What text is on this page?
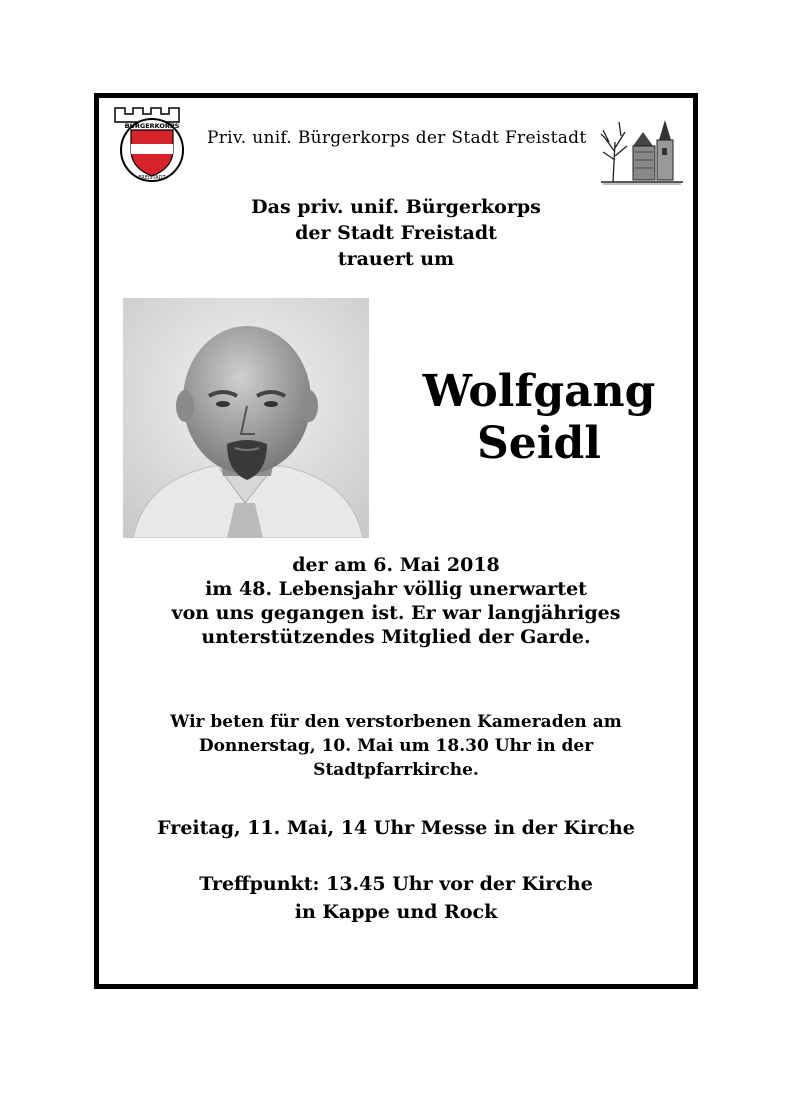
BÜRGERKORPS
FREISTADT
Priv. unif. Bürgerkorps der Stadt Freistadt
Das priv. unif. Bürgerkorps
der Stadt Freistadt
trauert um
Wolfgang
Seidl
der am 6. Mai 2018
im 48. Lebensjahr völlig unerwartet
von uns gegangen ist. Er war langjähriges
unterstützendes Mitglied der Garde.
Wir beten für den verstorbenen Kameraden am
Donnerstag, 10. Mai um 18.30 Uhr in der
Stadtpfarrkirche.
Freitag, 11. Mai, 14 Uhr Messe in der Kirche
Treffpunkt: 13.45 Uhr vor der Kirche
in Kappe und Rock
